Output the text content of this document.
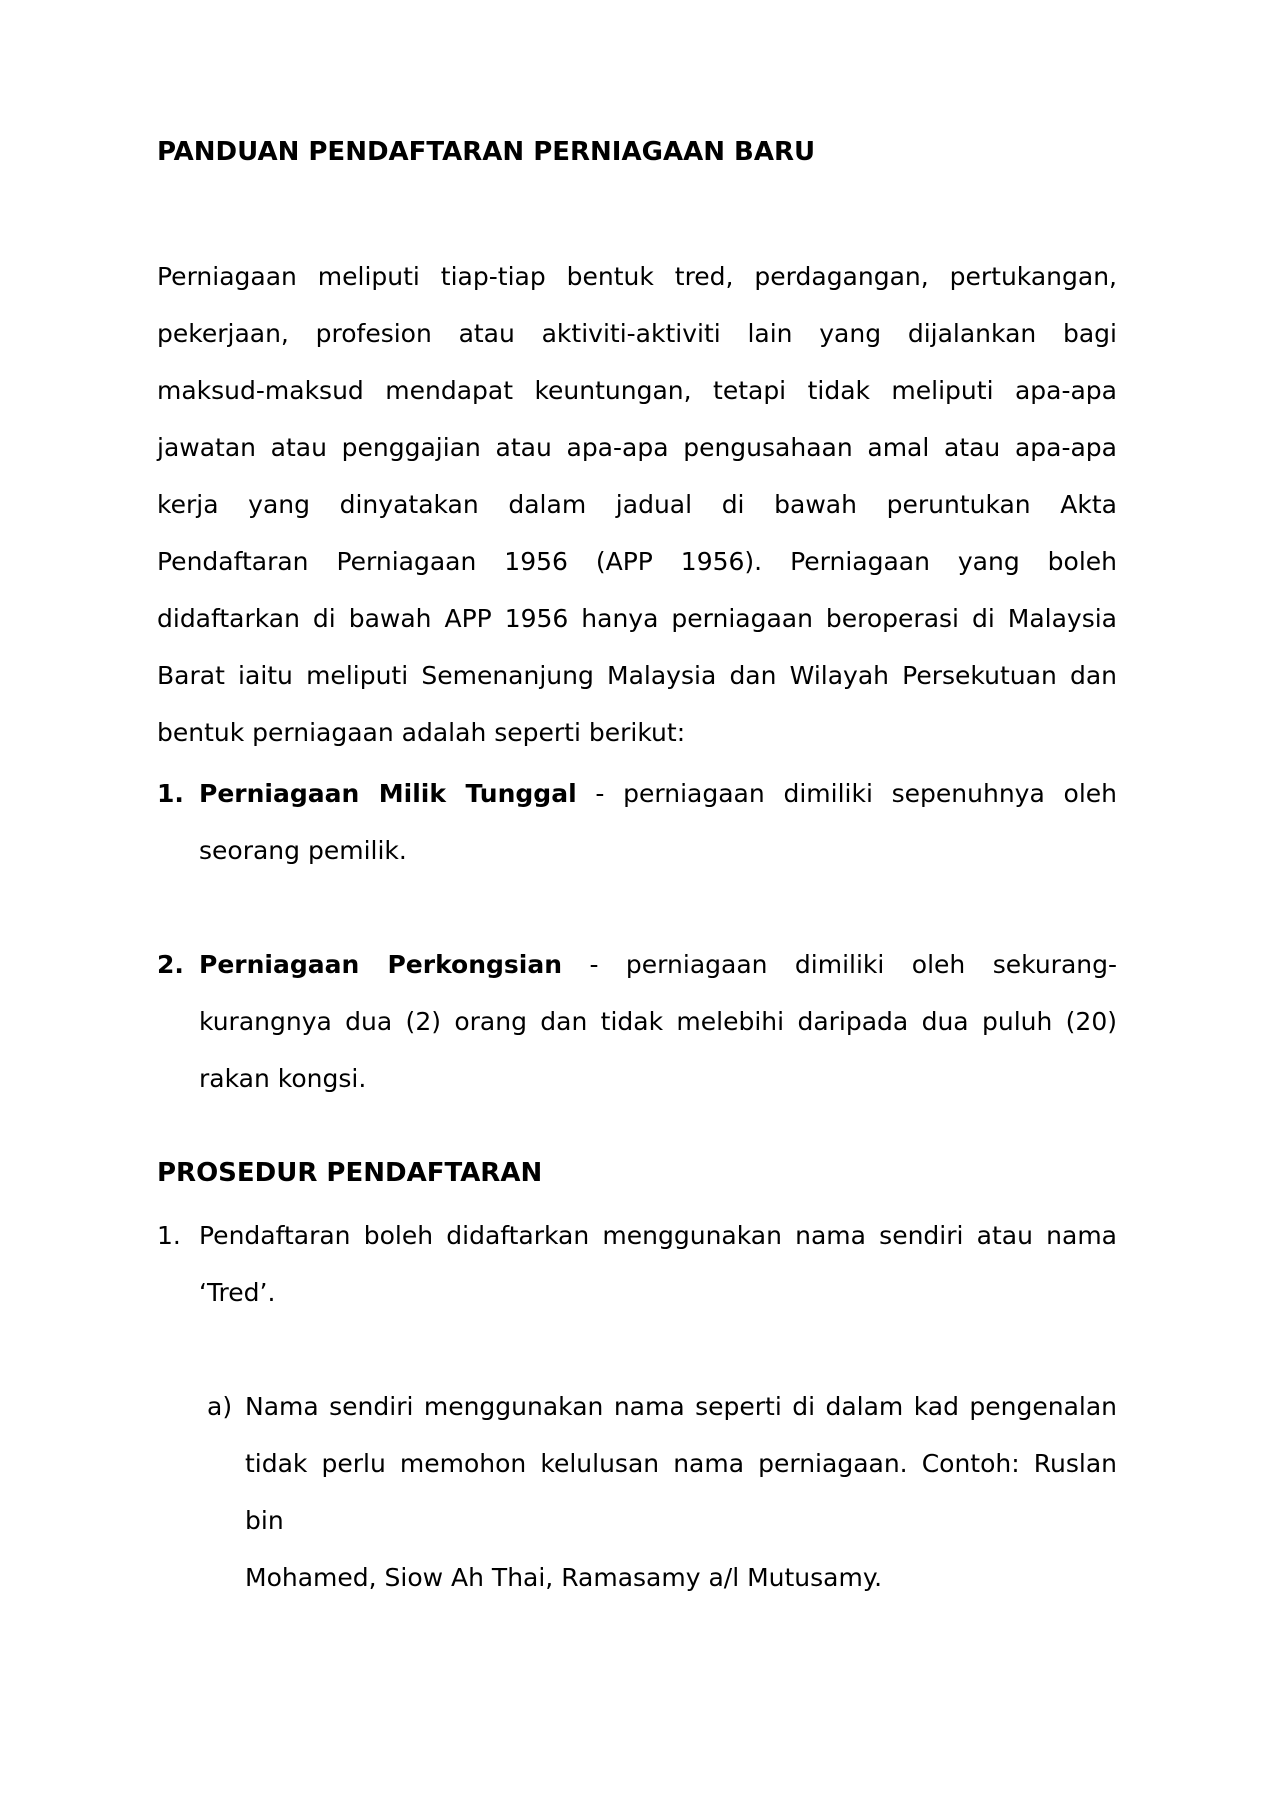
PANDUAN PENDAFTARAN PERNIAGAAN BARU
Perniagaan meliputi tiap-tiap bentuk tred, perdagangan, pertukangan,
pekerjaan, profesion atau aktiviti-aktiviti lain yang dijalankan bagi
maksud-maksud mendapat keuntungan, tetapi tidak meliputi apa-apa
jawatan atau penggajian atau apa-apa pengusahaan amal atau apa-apa
kerja yang dinyatakan dalam jadual di bawah peruntukan Akta
Pendaftaran Perniagaan 1956 (APP 1956). Perniagaan yang boleh
didaftarkan di bawah APP 1956 hanya perniagaan beroperasi di Malaysia
Barat iaitu meliputi Semenanjung Malaysia dan Wilayah Persekutuan dan
bentuk perniagaan adalah seperti berikut:
1. Perniagaan Milik Tunggal - perniagaan dimiliki sepenuhnya oleh
seorang pemilik.
2. Perniagaan Perkongsian - perniagaan dimiliki oleh sekurang-
kurangnya dua (2) orang dan tidak melebihi daripada dua puluh (20)
rakan kongsi.
PROSEDUR PENDAFTARAN
1. Pendaftaran boleh didaftarkan menggunakan nama sendiri atau nama
‘Tred’.
a) Nama sendiri menggunakan nama seperti di dalam kad pengenalan
tidak perlu memohon kelulusan nama perniagaan. Contoh: Ruslan bin
Mohamed, Siow Ah Thai, Ramasamy a/l Mutusamy.
